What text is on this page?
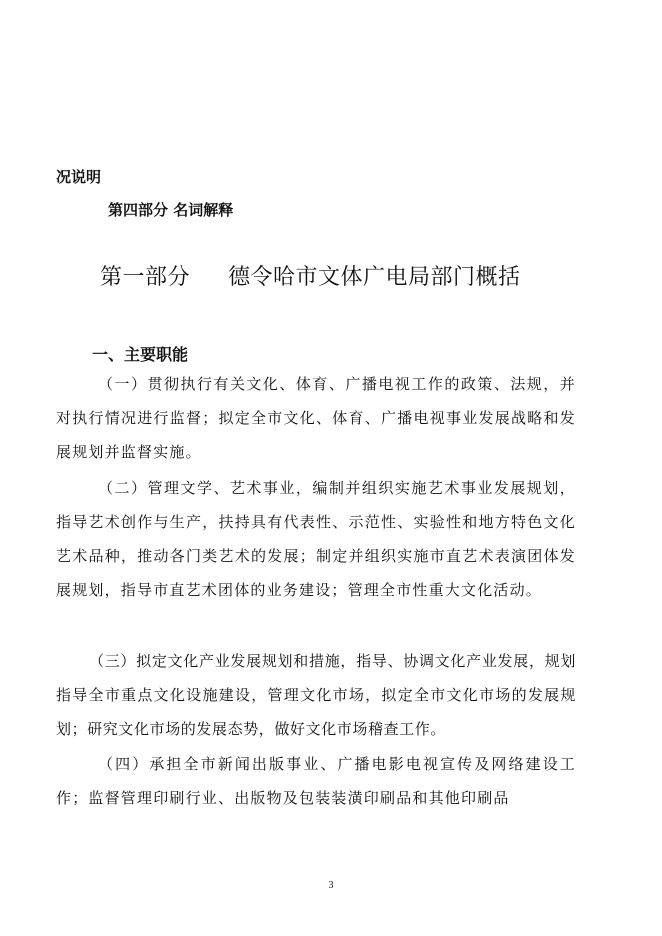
况说明
第四部分 名词解释
第一部分 德令哈市文体广电局部门概括
一、主要职能
（一）贯彻执行有关文化、体育、广播电视工作的政策、法规，并对执行情况进行监督；拟定全市文化、体育、广播电视事业发展战略和发展规划并监督实施。
（二）管理文学、艺术事业，编制并组织实施艺术事业发展规划，指导艺术创作与生产，扶持具有代表性、示范性、实验性和地方特色文化艺术品种，推动各门类艺术的发展；制定并组织实施市直艺术表演团体发展规划，指导市直艺术团体的业务建设；管理全市性重大文化活动。
（三）拟定文化产业发展规划和措施，指导、协调文化产业发展，规划指导全市重点文化设施建设，管理文化市场，拟定全市文化市场的发展规划；研究文化市场的发展态势，做好文化市场稽查工作。
（四）承担全市新闻出版事业、广播电影电视宣传及网络建设工作；监督管理印刷行业、出版物及包装装潢印刷品和其他印刷品
3
